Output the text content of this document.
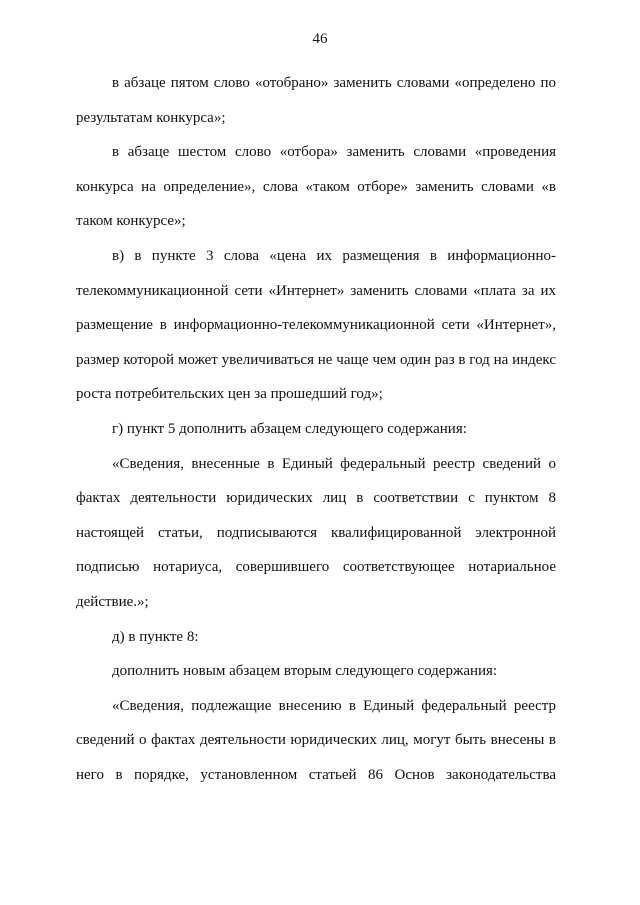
46

в абзаце пятом слово «отобрано» заменить словами «определено по результатам конкурса»;

в абзаце шестом слово «отбора» заменить словами «проведения конкурса на определение», слова «таком отборе» заменить словами «в таком конкурсе»;

в) в пункте 3 слова «цена их размещения в информационно-телекоммуникационной сети «Интернет» заменить словами «плата за их размещение в информационно-телекоммуникационной сети «Интернет», размер которой может увеличиваться не чаще чем один раз в год на индекс роста потребительских цен за прошедший год»;

г) пункт 5 дополнить абзацем следующего содержания:

«Сведения, внесенные в Единый федеральный реестр сведений о фактах деятельности юридических лиц в соответствии с пунктом 8 настоящей статьи, подписываются квалифицированной электронной подписью нотариуса, совершившего соответствующее нотариальное действие.»;

д) в пункте 8:

дополнить новым абзацем вторым следующего содержания:

«Сведения, подлежащие внесению в Единый федеральный реестр сведений о фактах деятельности юридических лиц, могут быть внесены в него в порядке, установленном статьей 86 Основ законодательства
